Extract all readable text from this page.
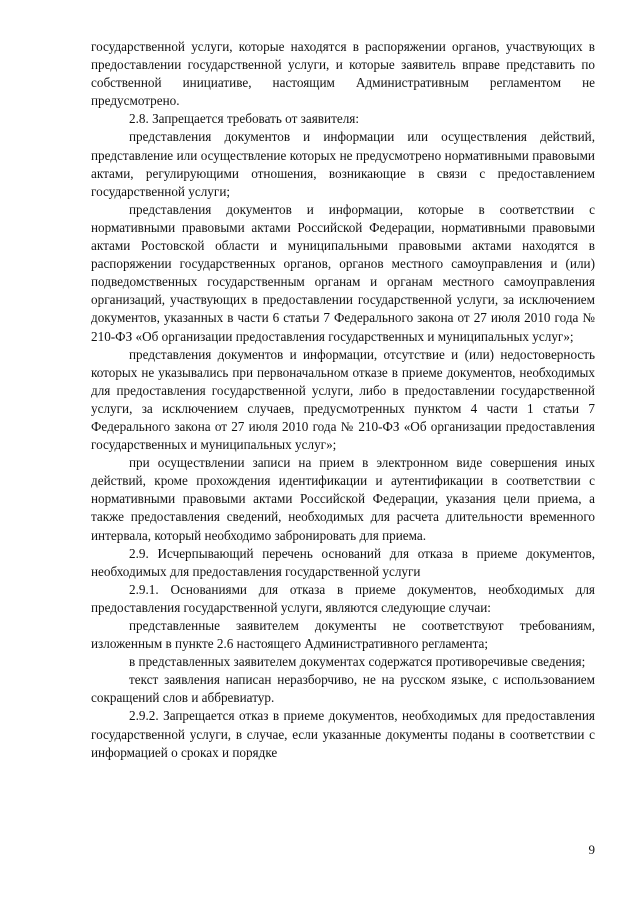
государственной услуги, которые находятся в распоряжении органов, участвующих в предоставлении государственной услуги, и которые заявитель вправе представить по собственной инициативе, настоящим Административным регламентом не предусмотрено.

2.8. Запрещается требовать от заявителя:

представления документов и информации или осуществления действий, представление или осуществление которых не предусмотрено нормативными правовыми актами, регулирующими отношения, возникающие в связи с предоставлением государственной услуги;

представления документов и информации, которые в соответствии с нормативными правовыми актами Российской Федерации, нормативными правовыми актами Ростовской области и муниципальными правовыми актами находятся в распоряжении государственных органов, органов местного самоуправления и (или) подведомственных государственным органам и органам местного самоуправления организаций, участвующих в предоставлении государственной услуги, за исключением документов, указанных в части 6 статьи 7 Федерального закона от 27 июля 2010 года № 210-ФЗ «Об организации предоставления государственных и муниципальных услуг»;

представления документов и информации, отсутствие и (или) недостоверность которых не указывались при первоначальном отказе в приеме документов, необходимых для предоставления государственной услуги, либо в предоставлении государственной услуги, за исключением случаев, предусмотренных пунктом 4 части 1 статьи 7 Федерального закона от 27 июля 2010 года № 210-ФЗ «Об организации предоставления государственных и муниципальных услуг»;

при осуществлении записи на прием в электронном виде совершения иных действий, кроме прохождения идентификации и аутентификации в соответствии с нормативными правовыми актами Российской Федерации, указания цели приема, а также предоставления сведений, необходимых для расчета длительности временного интервала, который необходимо забронировать для приема.

2.9. Исчерпывающий перечень оснований для отказа в приеме документов, необходимых для предоставления государственной услуги

2.9.1. Основаниями для отказа в приеме документов, необходимых для предоставления государственной услуги, являются следующие случаи:

представленные заявителем документы не соответствуют требованиям, изложенным в пункте 2.6 настоящего Административного регламента;

в представленных заявителем документах содержатся противоречивые сведения;

текст заявления написан неразборчиво, не на русском языке, с использованием сокращений слов и аббревиатур.

2.9.2. Запрещается отказ в приеме документов, необходимых для предоставления государственной услуги, в случае, если указанные документы поданы в соответствии с информацией о сроках и порядке

9
